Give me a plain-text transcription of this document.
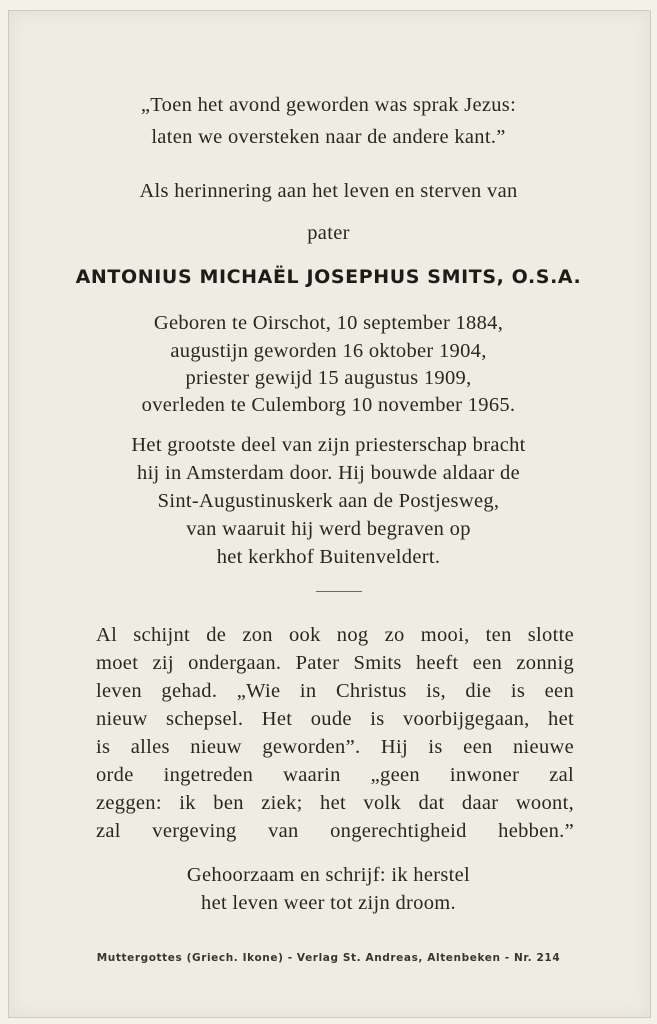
„Toen het avond geworden was sprak Jezus:
laten we oversteken naar de andere kant.”
Als herinnering aan het leven en sterven van
pater
ANTONIUS MICHAËL JOSEPHUS SMITS, O.S.A.
Geboren te Oirschot, 10 september 1884,
augustijn geworden 16 oktober 1904,
priester gewijd 15 augustus 1909,
overleden te Culemborg 10 november 1965.
Het grootste deel van zijn priesterschap bracht
hij in Amsterdam door. Hij bouwde aldaar de
Sint-Augustinuskerk aan de Postjesweg,
van waaruit hij werd begraven op
het kerkhof Buitenveldert.
Al schijnt de zon ook nog zo mooi, ten slotte
moet zij ondergaan. Pater Smits heeft een zonnig
leven gehad. „Wie in Christus is, die is een
nieuw schepsel. Het oude is voorbijgegaan, het
is alles nieuw geworden”. Hij is een nieuwe
orde ingetreden waarin „geen inwoner zal
zeggen: ik ben ziek; het volk dat daar woont,
zal vergeving van ongerechtigheid hebben.”
Gehoorzaam en schrijf: ik herstel
het leven weer tot zijn droom.
Muttergottes (Griech. Ikone) - Verlag St. Andreas, Altenbeken - Nr. 214
